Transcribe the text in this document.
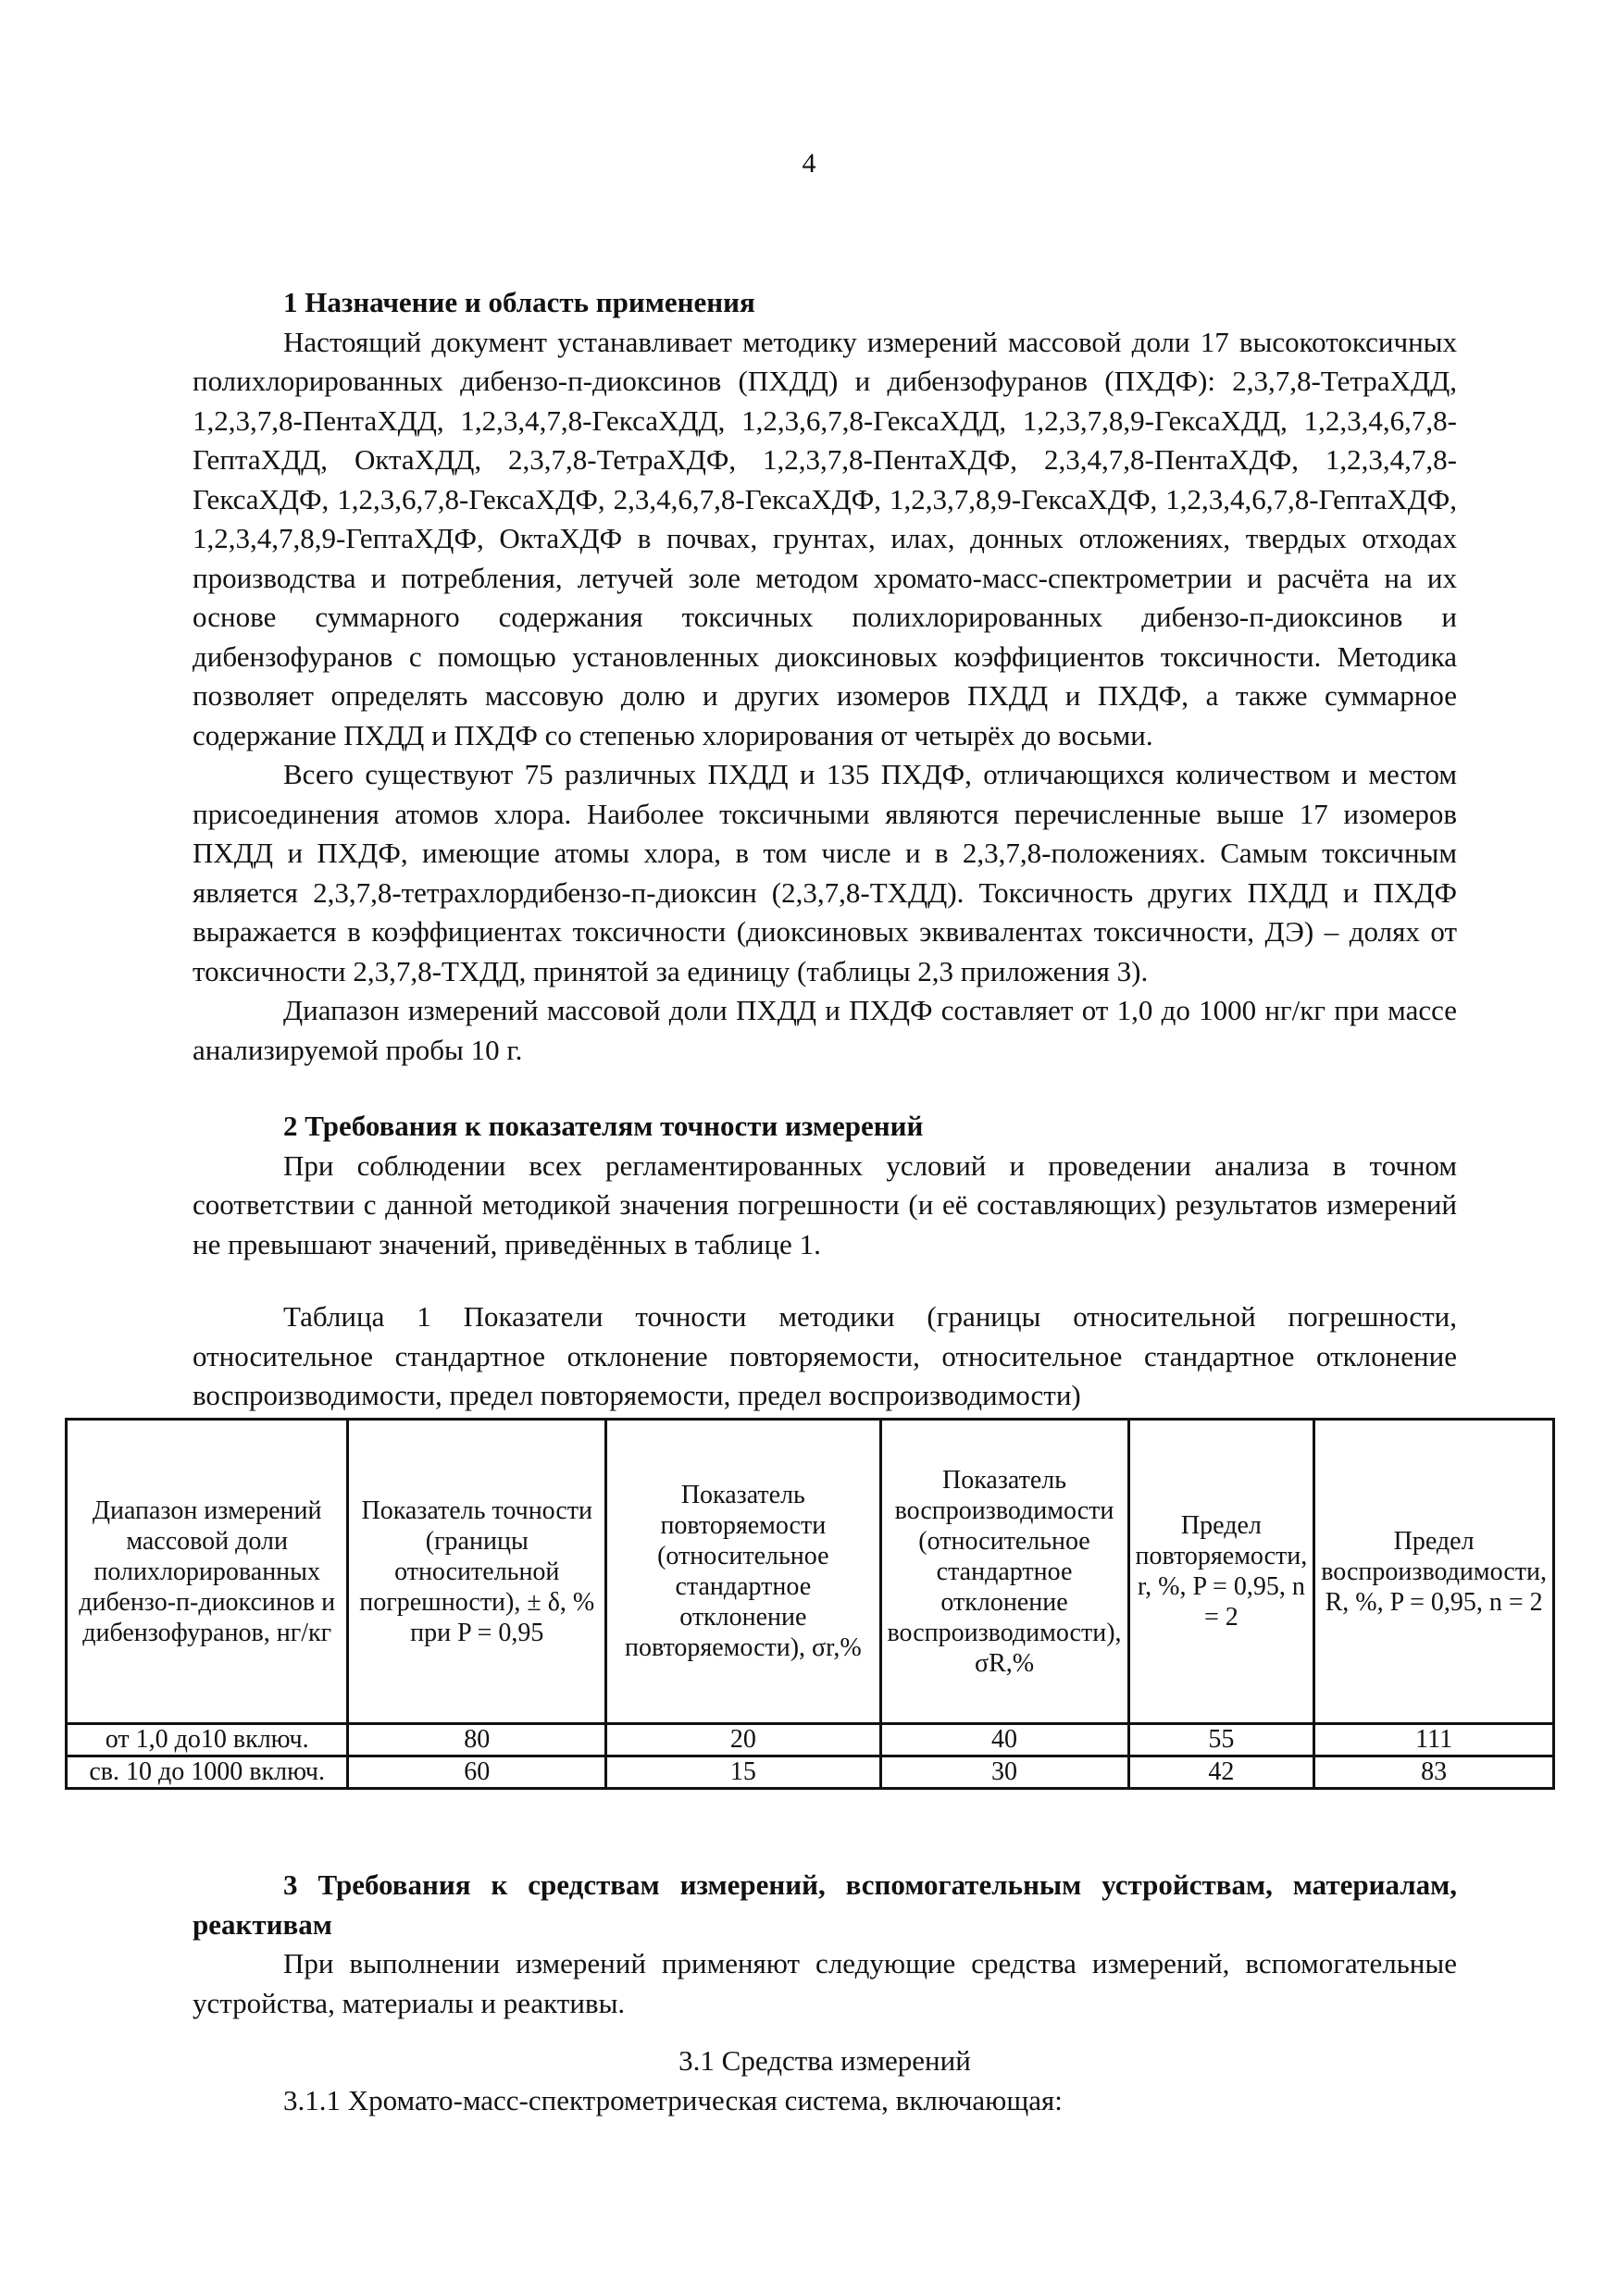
4

1 Назначение и область применения

Настоящий документ устанавливает методику измерений массовой доли 17 высокотоксичных полихлорированных дибензо-п-диоксинов (ПХДД) и дибензофуранов (ПХДФ): 2,3,7,8-ТетраХДД, 1,2,3,7,8-ПентаХДД, 1,2,3,4,7,8-ГексаХДД, 1,2,3,6,7,8-ГексаХДД, 1,2,3,7,8,9-ГексаХДД, 1,2,3,4,6,7,8-ГептаХДД, ОктаХДД, 2,3,7,8-ТетраХДФ, 1,2,3,7,8-ПентаХДФ, 2,3,4,7,8-ПентаХДФ, 1,2,3,4,7,8-ГексаХДФ, 1,2,3,6,7,8-ГексаХДФ, 2,3,4,6,7,8-ГексаХДФ, 1,2,3,7,8,9-ГексаХДФ, 1,2,3,4,6,7,8-ГептаХДФ, 1,2,3,4,7,8,9-ГептаХДФ, ОктаХДФ в почвах, грунтах, илах, донных отложениях, твердых отходах производства и потребления, летучей золе методом хромато-масс-спектрометрии и расчёта на их основе суммарного содержания токсичных полихлорированных дибензо-п-диоксинов и дибензофуранов с помощью установленных диоксиновых коэффициентов токсичности. Методика позволяет определять массовую долю и других изомеров ПХДД и ПХДФ, а также суммарное содержание ПХДД и ПХДФ со степенью хлорирования от четырёх до восьми.

Всего существуют 75 различных ПХДД и 135 ПХДФ, отличающихся количеством и местом присоединения атомов хлора. Наиболее токсичными являются перечисленные выше 17 изомеров ПХДД и ПХДФ, имеющие атомы хлора, в том числе и в 2,3,7,8-положениях. Самым токсичным является 2,3,7,8-тетрахлордибензо-п-диоксин (2,3,7,8-ТХДД). Токсичность других ПХДД и ПХДФ выражается в коэффициентах токсичности (диоксиновых эквивалентах токсичности, ДЭ) – долях от токсичности 2,3,7,8-ТХДД, принятой за единицу (таблицы 2,3 приложения 3).

Диапазон измерений массовой доли ПХДД и ПХДФ составляет от 1,0 до 1000 нг/кг при массе анализируемой пробы 10 г.

2 Требования к показателям точности измерений

При соблюдении всех регламентированных условий и проведении анализа в точном соответствии с данной методикой значения погрешности (и её составляющих) результатов измерений не превышают значений, приведённых в таблице 1.

Таблица 1 Показатели точности методики (границы относительной погрешности, относительное стандартное отклонение повторяемости, относительное стандартное отклонение воспроизводимости, предел повторяемости, предел воспроизводимости)

Диапазон измерений массовой доли полихлорированных дибензо-п-диоксинов и дибензофуранов, нг/кг	Показатель точности (границы относительной погрешности), ± δ, % при P = 0,95	Показатель повторяемости (относительное стандартное отклонение повторяемости), σr,%	Показатель воспроизводимости (относительное стандартное отклонение воспроизводимости), σR,%	Предел повторяемости, r, %, P = 0,95, n = 2	Предел воспроизводимости, R, %, P = 0,95, n = 2
от 1,0 до10 включ.	80	20	40	55	111
св. 10 до 1000 включ.	60	15	30	42	83

3 Требования к средствам измерений, вспомогательным устройствам, материалам, реактивам

При выполнении измерений применяют следующие средства измерений, вспомогательные устройства, материалы и реактивы.

3.1 Средства измерений

3.1.1 Хромато-масс-спектрометрическая система, включающая:
